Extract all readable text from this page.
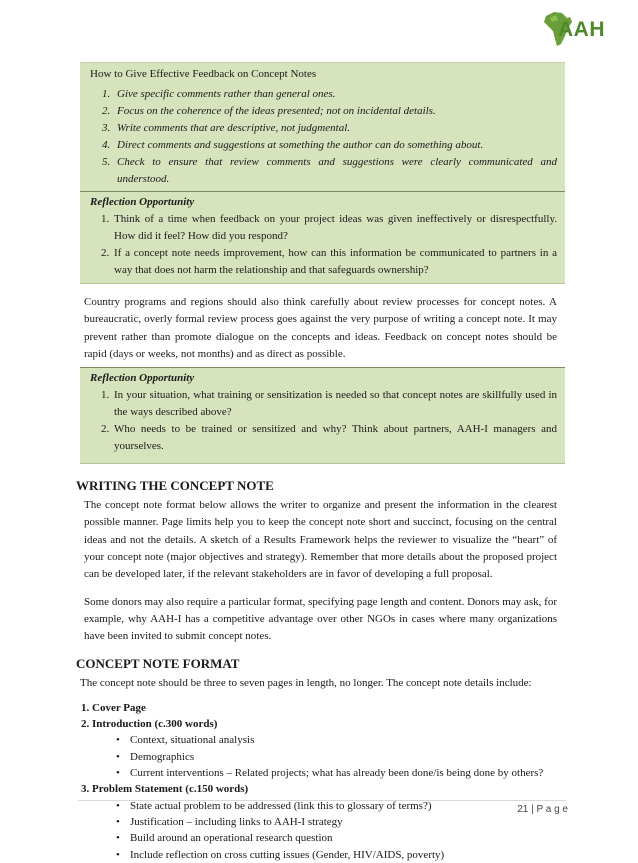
AAH
How to Give Effective Feedback on Concept Notes
1. Give specific comments rather than general ones.
2. Focus on the coherence of the ideas presented; not on incidental details.
3. Write comments that are descriptive, not judgmental.
4. Direct comments and suggestions at something the author can do something about.
5. Check to ensure that review comments and suggestions were clearly communicated and understood.
Reflection Opportunity
1. Think of a time when feedback on your project ideas was given ineffectively or disrespectfully. How did it feel? How did you respond?
2. If a concept note needs improvement, how can this information be communicated to partners in a way that does not harm the relationship and that safeguards ownership?

Country programs and regions should also think carefully about review processes for concept notes. A bureaucratic, overly formal review process goes against the very purpose of writing a concept note. It may prevent rather than promote dialogue on the concepts and ideas. Feedback on concept notes should be rapid (days or weeks, not months) and as direct as possible.

Reflection Opportunity
1. In your situation, what training or sensitization is needed so that concept notes are skillfully used in the ways described above?
2. Who needs to be trained or sensitized and why? Think about partners, AAH-I managers and yourselves.
WRITING THE CONCEPT NOTE

The concept note format below allows the writer to organize and present the information in the clearest possible manner. Page limits help you to keep the concept note short and succinct, focusing on the central ideas and not the details. A sketch of a Results Framework helps the reviewer to visualize the “heart” of your concept note (major objectives and strategy). Remember that more details about the proposed project can be developed later, if the relevant stakeholders are in favor of developing a full proposal.

Some donors may also require a particular format, specifying page length and content. Donors may ask, for example, why AAH-I has a competitive advantage over other NGOs in cases where many organizations have been invited to submit concept notes.

CONCEPT NOTE FORMAT

The concept note should be three to seven pages in length, no longer. The concept note details include:

1. Cover Page
2. Introduction (c.300 words)
• Context, situational analysis
• Demographics
• Current interventions – Related projects; what has already been done/is being done by others?
3. Problem Statement (c.150 words)
• State actual problem to be addressed (link this to glossary of terms?)
• Justification – including links to AAH-I strategy
• Build around an operational research question
• Include reflection on cross cutting issues (Gender, HIV/AIDS, poverty)
21 | P a g e
